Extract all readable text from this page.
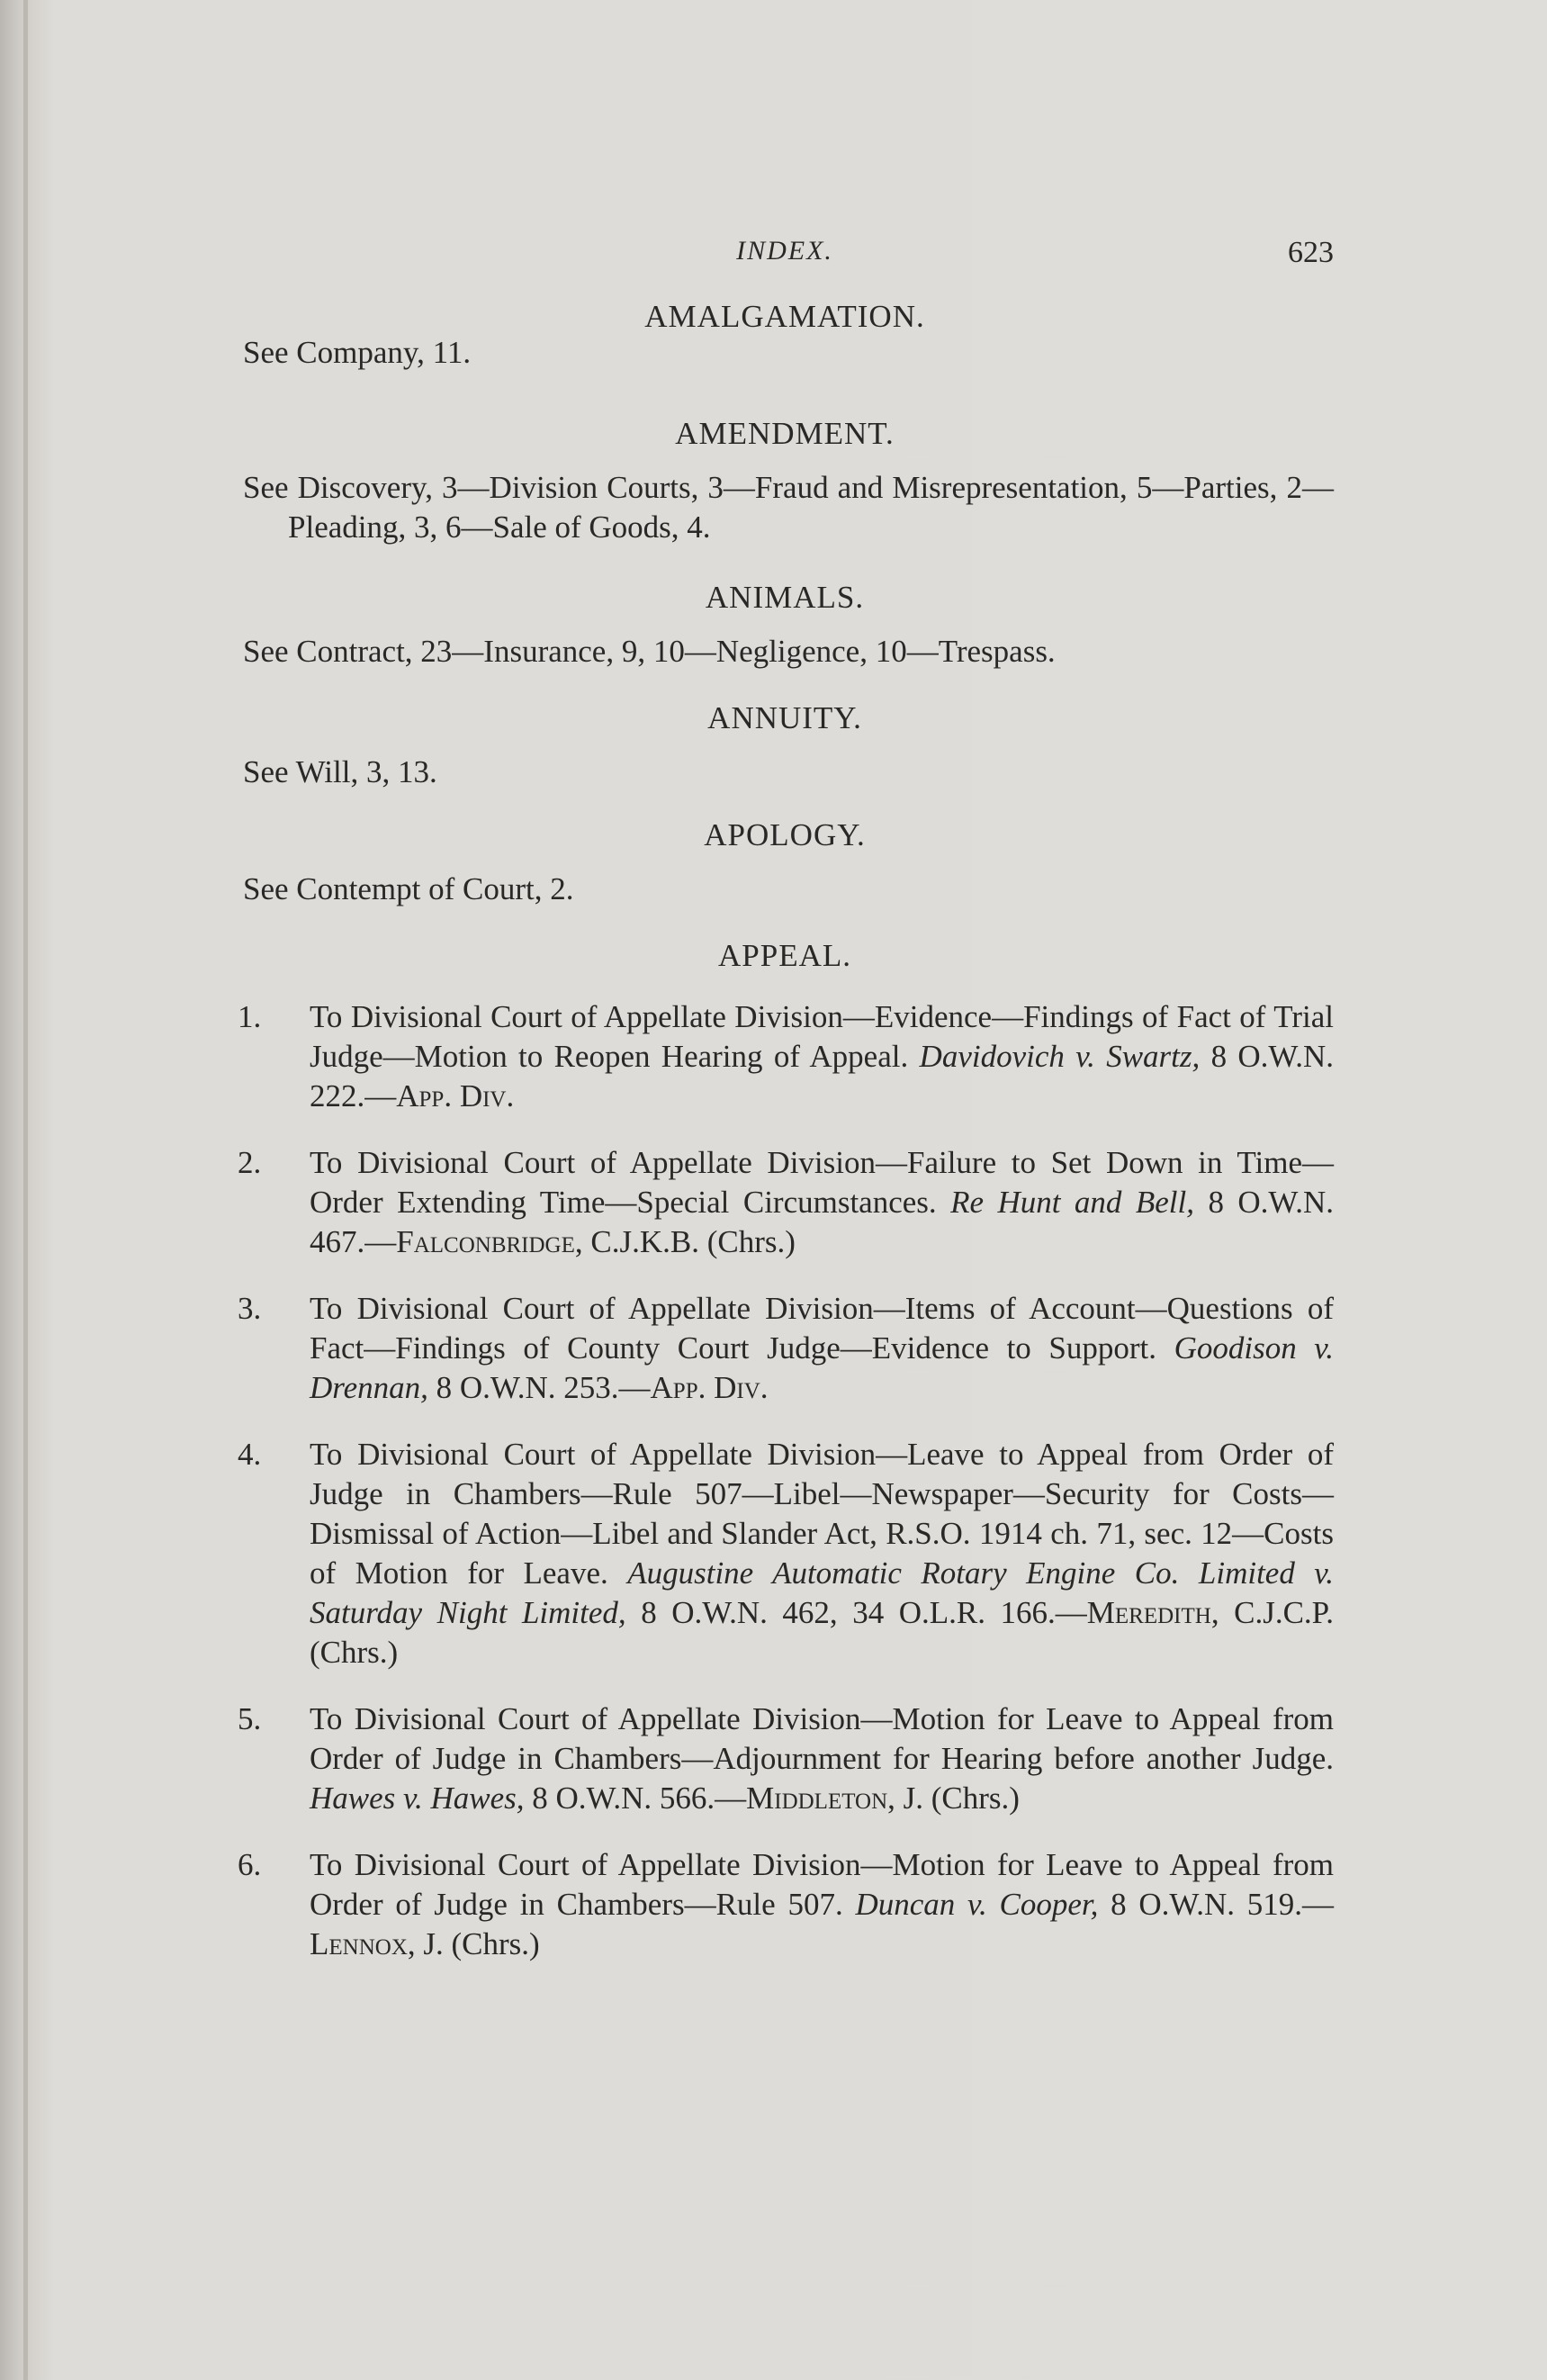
INDEX.	623
AMALGAMATION.

See Company, 11.

AMENDMENT.

See Discovery, 3—Division Courts, 3—Fraud and Misrepresentation, 5—Parties, 2—Pleading, 3, 6—Sale of Goods, 4.

ANIMALS.

See Contract, 23—Insurance, 9, 10—Negligence, 10—Trespass.

ANNUITY.

See Will, 3, 13.

APOLOGY.

See Contempt of Court, 2.

APPEAL.
1. To Divisional Court of Appellate Division—Evidence—Findings of Fact of Trial Judge—Motion to Reopen Hearing of Appeal. Davidovich v. Swartz, 8 O.W.N. 222.—App. Div.
2. To Divisional Court of Appellate Division—Failure to Set Down in Time—Order Extending Time—Special Circumstances. Re Hunt and Bell, 8 O.W.N. 467.—Falconbridge, C.J.K.B. (Chrs.)
3. To Divisional Court of Appellate Division—Items of Account—Questions of Fact—Findings of County Court Judge—Evidence to Support. Goodison v. Drennan, 8 O.W.N. 253.—App. Div.
4. To Divisional Court of Appellate Division—Leave to Appeal from Order of Judge in Chambers—Rule 507—Libel—Newspaper—Security for Costs—Dismissal of Action—Libel and Slander Act, R.S.O. 1914 ch. 71, sec. 12—Costs of Motion for Leave. Augustine Automatic Rotary Engine Co. Limited v. Saturday Night Limited, 8 O.W.N. 462, 34 O.L.R. 166.—Meredith, C.J.C.P. (Chrs.)
5. To Divisional Court of Appellate Division—Motion for Leave to Appeal from Order of Judge in Chambers—Adjournment for Hearing before another Judge. Hawes v. Hawes, 8 O.W.N. 566.—Middleton, J. (Chrs.)
6. To Divisional Court of Appellate Division—Motion for Leave to Appeal from Order of Judge in Chambers—Rule 507. Duncan v. Cooper, 8 O.W.N. 519.—Lennox, J. (Chrs.)
